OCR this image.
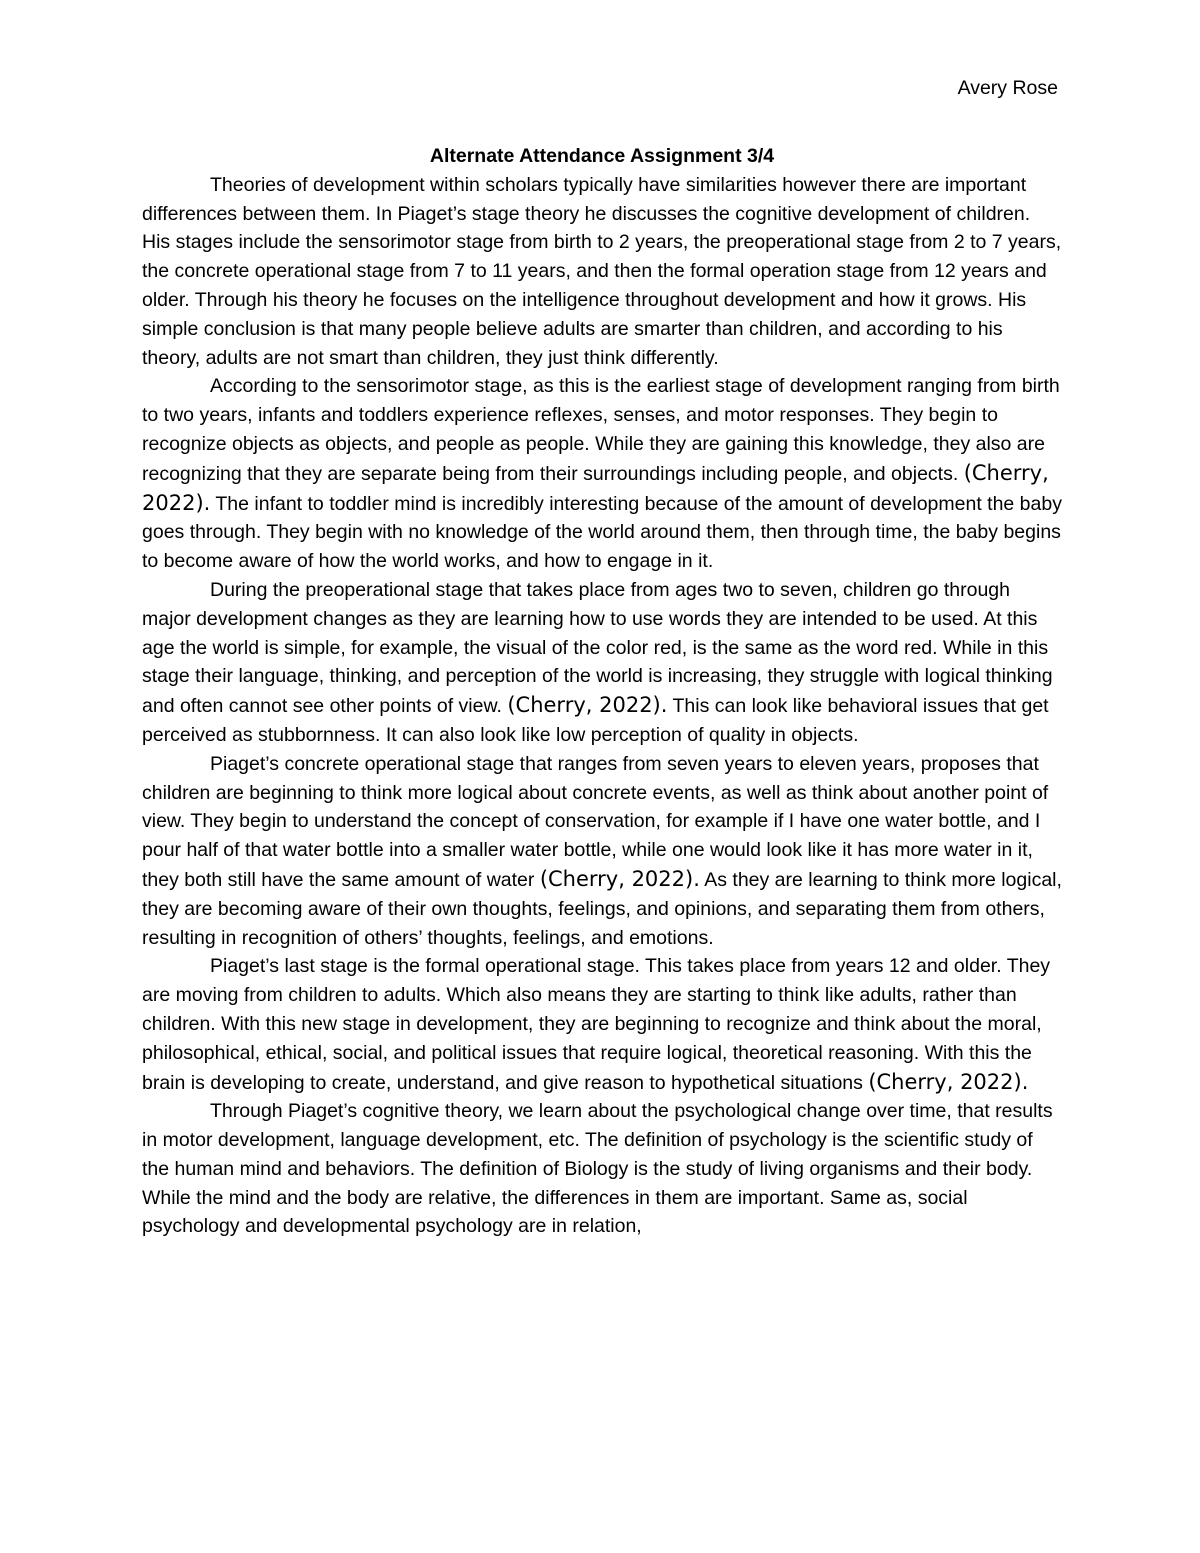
Avery Rose

Alternate Attendance Assignment 3/4

Theories of development within scholars typically have similarities however there are important differences between them. In Piaget’s stage theory he discusses the cognitive development of children. His stages include the sensorimotor stage from birth to 2 years, the preoperational stage from 2 to 7 years, the concrete operational stage from 7 to 11 years, and then the formal operation stage from 12 years and older. Through his theory he focuses on the intelligence throughout development and how it grows. His simple conclusion is that many people believe adults are smarter than children, and according to his theory, adults are not smart than children, they just think differently.

According to the sensorimotor stage, as this is the earliest stage of development ranging from birth to two years, infants and toddlers experience reflexes, senses, and motor responses. They begin to recognize objects as objects, and people as people. While they are gaining this knowledge, they also are recognizing that they are separate being from their surroundings including people, and objects. (Cherry, 2022). The infant to toddler mind is incredibly interesting because of the amount of development the baby goes through. They begin with no knowledge of the world around them, then through time, the baby begins to become aware of how the world works, and how to engage in it.

During the preoperational stage that takes place from ages two to seven, children go through major development changes as they are learning how to use words they are intended to be used. At this age the world is simple, for example, the visual of the color red, is the same as the word red. While in this stage their language, thinking, and perception of the world is increasing, they struggle with logical thinking and often cannot see other points of view. (Cherry, 2022). This can look like behavioral issues that get perceived as stubbornness. It can also look like low perception of quality in objects.

Piaget’s concrete operational stage that ranges from seven years to eleven years, proposes that children are beginning to think more logical about concrete events, as well as think about another point of view. They begin to understand the concept of conservation, for example if I have one water bottle, and I pour half of that water bottle into a smaller water bottle, while one would look like it has more water in it, they both still have the same amount of water (Cherry, 2022). As they are learning to think more logical, they are becoming aware of their own thoughts, feelings, and opinions, and separating them from others, resulting in recognition of others’ thoughts, feelings, and emotions.

Piaget’s last stage is the formal operational stage. This takes place from years 12 and older. They are moving from children to adults. Which also means they are starting to think like adults, rather than children. With this new stage in development, they are beginning to recognize and think about the moral, philosophical, ethical, social, and political issues that require logical, theoretical reasoning. With this the brain is developing to create, understand, and give reason to hypothetical situations (Cherry, 2022).

Through Piaget’s cognitive theory, we learn about the psychological change over time, that results in motor development, language development, etc. The definition of psychology is the scientific study of the human mind and behaviors. The definition of Biology is the study of living organisms and their body. While the mind and the body are relative, the differences in them are important. Same as, social psychology and developmental psychology are in relation,
